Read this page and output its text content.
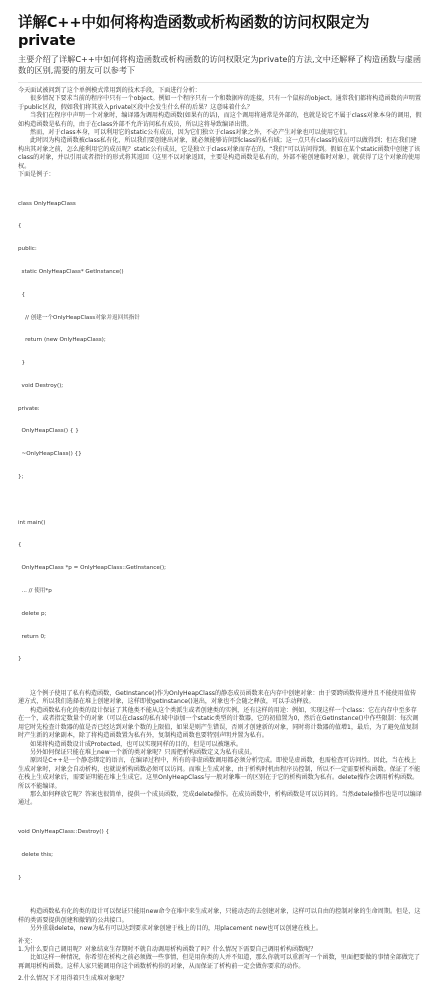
详解C++中如何将构造函数或析构函数的访问权限定为private
主要介绍了详解C++中如何将构造函数或析构函数的访问权限定为private的方法,文中还解释了构造函数与虚函数的区别,需要的朋友可以参考下

今天面试被问到了这个单例模式常用到的技术手段，下面进行分析：

很多情况下要求当前的程序中只有一个object。例如一个程序只有一个和数据库的连接，只有一个鼠标的object。通常我们都将构造函数的声明置于public区段，假如我们将其放入private区段中会发生什么样的后果？这意味着什么？

当我们在程序中声明一个对象时，编译器为调用构造函数(如果有的话)，而这个调用将通常是外部的，也就是说它不属于class对象本身的调用，假如构造函数是私有的，由于在class外部不允许访问私有成员，所以这将导致编译出错。

然而，对于class本身，可以利用它的static公有成员，因为它们独立于class对象之外，不必产生对象也可以使用它们。

此时因为构造函数被class私有化，所以我们要创建出对象，就必须能够访问到class的私有域；这一点只有class的成员可以做得到；但在我们建构出其对象之前，怎么能利用它的成员呢？static公有成员，它是独立于class对象而存在的，“我们”可以访问得到。假如在某个static函数中创建了该class的对象，并以引用或者指针的形式将其返回（这里不以对象返回，主要是构造函数是私有的，外部不能创建临时对象），就获得了这个对象的使用权。

下面是例子：

class OnlyHeapClass

{

public:

static OnlyHeapClass* GetInstance()

{

// 创建一个OnlyHeapClass对象并返回其指针

return (new OnlyHeapClass);

}

void Destroy();

private:

OnlyHeapClass() { }

~OnlyHeapClass() {}

};

int main()

{

OnlyHeapClass *p = OnlyHeapClass::GetInstance();

... // 使用*p

delete p;

return 0;

}

这个例子使用了私有构造函数，GetInstance()作为OnlyHeapClass的静态成员函数来在内存中创建对象：由于要跨函数传递并且不能使用值传递方式，所以我们选择在堆上创建对象，这样即使getInstance()退出，对象也不会随之释放，可以手动释放。

构造函数私有化的类的设计保证了其他类不能从这个类派生或者创建类的实例，还有这样的用途：例如，实现这样一个class：它在内存中至多存在一个，或者指定数量个的对象（可以在class的私有域中添加一个static类型的计数器，它的初值置为0，然后在GetInstance()中作些限制：每次调用它时先检查计数器的值是否已经达到对象个数的上限值，如果是则产生错误，否则才创建新的对象，同时将计数器的值增1，最后，为了避免值复制时产生新的对象副本，除了将构造函数置为私有外，复制构造函数也要特别声明并置为私有。

如果将构造函数设计成Protected，也可以实现同样的目的，但是可以被继承。

另外如何保证只能在堆上new一个新的类对象呢？只需把析构函数定义为私有成员。

原因是C++是一个静态绑定的语言，在编译过程中，所有的非虚函数调用都必须分析完成。即使是虚函数，也需检查可访问性。因此，当在栈上生成对象时，对象会自动析构，也就说析构函数必须可以访问。而堆上生成对象，由于析构时机由程序员控制，所以不一定需要析构函数。保证了不能在栈上生成对象后，需要证明能在堆上生成它。这里OnlyHeapClass与一般对象唯一的区别在于它的析构函数为私有。delete操作会调用析构函数。所以不能编译。

那么如何释放它呢？答案也很简单，提供一个成员函数，完成delete操作。在成员函数中，析构函数是可以访问的。当然detele操作也是可以编译通过。

void OnlyHeapClass::Destroy() {

delete this;

}

构造函数私有化的类的设计可以保证只能用new命令在堆中来生成对象，只能动态的去创建对象，这样可以自由的控制对象的生命周期。但是，这样的类需要提供创建和撤销的公共接口。

另外重载delete，new为私有可以达到要求对象创建于栈上的目的，用placement new也可以创建在栈上。

补充：

1.为什么要自己调用呢？对象结束生存期时不就自动调用析构函数了吗？什么情况下需要自己调用析构函数呢？

比如这样一种情况，你希望在析构之前必须做一些事情，但是用你类的人并不知道，那么你就可以重新写一个函数，里面把要做的事情全部做完了再调用析构函数。这样人家只能调用你这个函数析构你的对象，从而保证了析构前一定会做你要求的动作。

2.什么情况下才用得着只生成堆对象呢？
